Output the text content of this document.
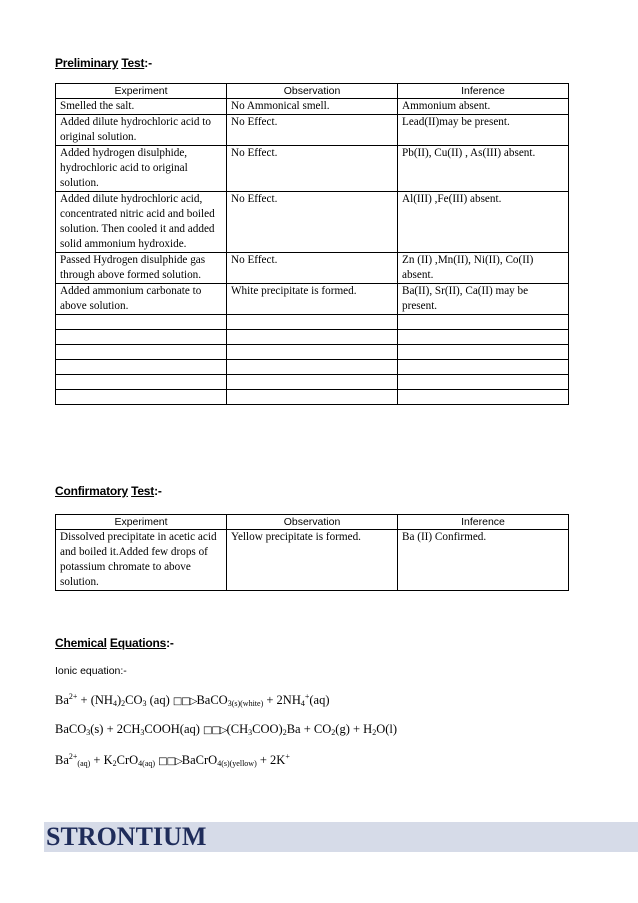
Preliminary Test:-
Experiment	Observation	Inference
Smelled the salt.	No Ammonical smell.	Ammonium absent.
Added dilute hydrochloric acid to original solution.	No Effect.	Lead(II)may be present.
Added hydrogen disulphide, hydrochloric acid to original solution.	No Effect.	Pb(II), Cu(II) , As(III) absent.
Added dilute hydrochloric acid, concentrated nitric acid and boiled solution. Then cooled it and added solid ammonium hydroxide.	No Effect.	Al(III) ,Fe(III) absent.
Passed Hydrogen disulphide gas through above formed solution.	No Effect.	Zn (II) ,Mn(II), Ni(II), Co(II) absent.
Added ammonium carbonate to above solution.	White precipitate is formed.	Ba(II), Sr(II), Ca(II) may be present.

Confirmatory Test:-
Experiment	Observation	Inference
Dissolved precipitate in acetic acid and boiled it.Added few drops of potassium chromate to above solution.	Yellow precipitate is formed.	Ba (II) Confirmed.
Chemical Equations:-
Ionic equation:-
$Ba^{2+} + (NH4)2CO3$ (aq) □□▷BaCO3(s)(white) + 2NH4+(aq)
BaCO3(s) + 2CH3COOH(aq) □□▷(CH3COO)2Ba + CO2(g) + H2O(l)
$Ba^{2+}(aq) + K2CrO4(aq)$ □□▷BaCrO4(s)(yellow) + 2K+
STRONTIUM
